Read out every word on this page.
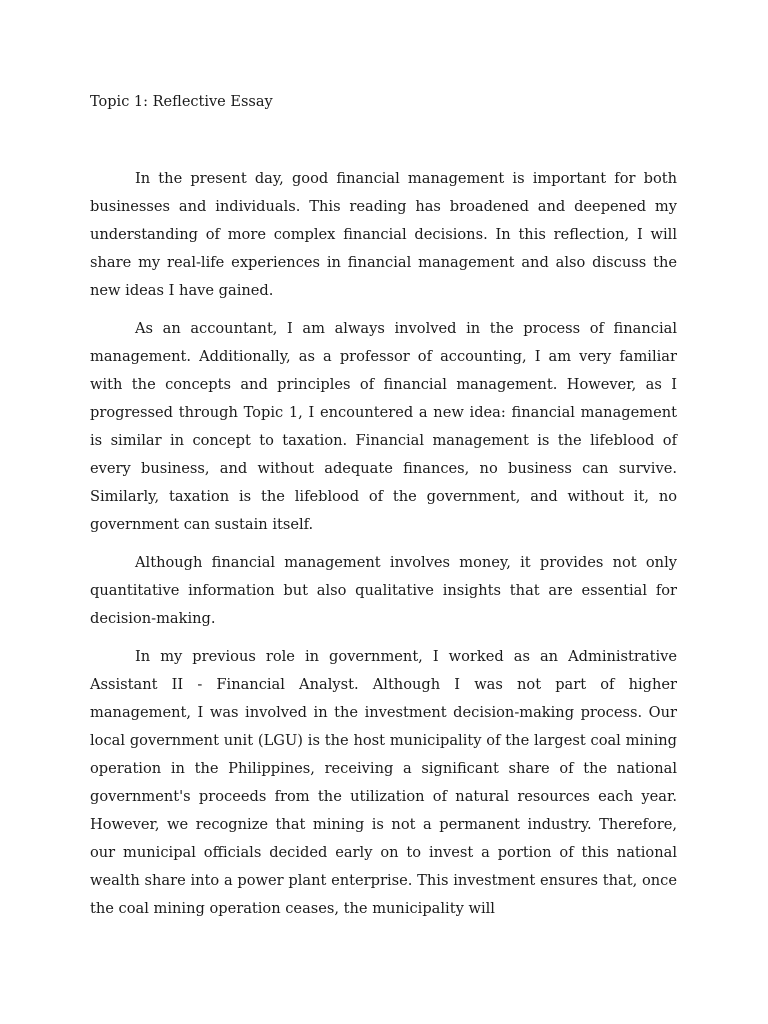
Topic 1: Reflective Essay

In the present day, good financial management is important for both businesses and individuals. This reading has broadened and deepened my understanding of more complex financial decisions. In this reflection, I will share my real-life experiences in financial management and also discuss the new ideas I have gained.

As an accountant, I am always involved in the process of financial management. Additionally, as a professor of accounting, I am very familiar with the concepts and principles of financial management. However, as I progressed through Topic 1, I encountered a new idea: financial management is similar in concept to taxation. Financial management is the lifeblood of every business, and without adequate finances, no business can survive. Similarly, taxation is the lifeblood of the government, and without it, no government can sustain itself.

Although financial management involves money, it provides not only quantitative information but also qualitative insights that are essential for decision-making.

In my previous role in government, I worked as an Administrative Assistant II - Financial Analyst. Although I was not part of higher management, I was involved in the investment decision-making process. Our local government unit (LGU) is the host municipality of the largest coal mining operation in the Philippines, receiving a significant share of the national government's proceeds from the utilization of natural resources each year. However, we recognize that mining is not a permanent industry. Therefore, our municipal officials decided early on to invest a portion of this national wealth share into a power plant enterprise. This investment ensures that, once the coal mining operation ceases, the municipality will
